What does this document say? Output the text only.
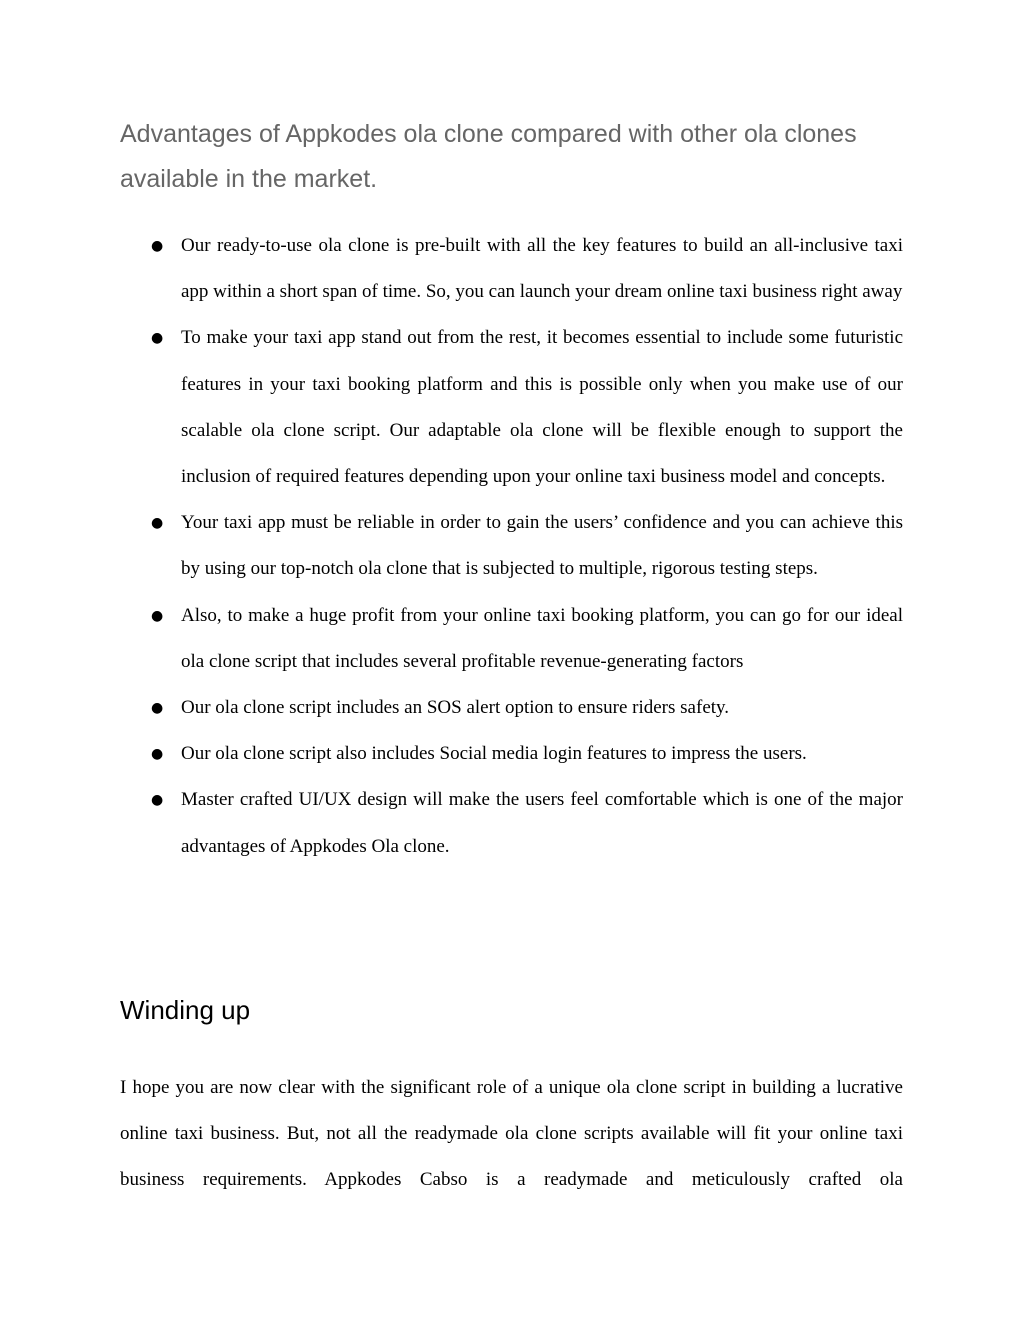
Advantages of Appkodes ola clone compared with other ola clones available in the market.
● Our ready-to-use ola clone is pre-built with all the key features to build an all-inclusive taxi app within a short span of time. So, you can launch your dream online taxi business right away
● To make your taxi app stand out from the rest, it becomes essential to include some futuristic features in your taxi booking platform and this is possible only when you make use of our scalable ola clone script. Our adaptable ola clone will be flexible enough to support the inclusion of required features depending upon your online taxi business model and concepts.
● Your taxi app must be reliable in order to gain the users’ confidence and you can achieve this by using our top-notch ola clone that is subjected to multiple, rigorous testing steps.
● Also, to make a huge profit from your online taxi booking platform, you can go for our ideal ola clone script that includes several profitable revenue-generating factors
● Our ola clone script includes an SOS alert option to ensure riders safety.
● Our ola clone script also includes Social media login features to impress the users.
● Master crafted UI/UX design will make the users feel comfortable which is one of the major advantages of Appkodes Ola clone.
Winding up

I hope you are now clear with the significant role of a unique ola clone script in building a lucrative online taxi business. But, not all the readymade ola clone scripts available will fit your online taxi business requirements. Appkodes Cabso is a readymade and meticulously crafted ola
